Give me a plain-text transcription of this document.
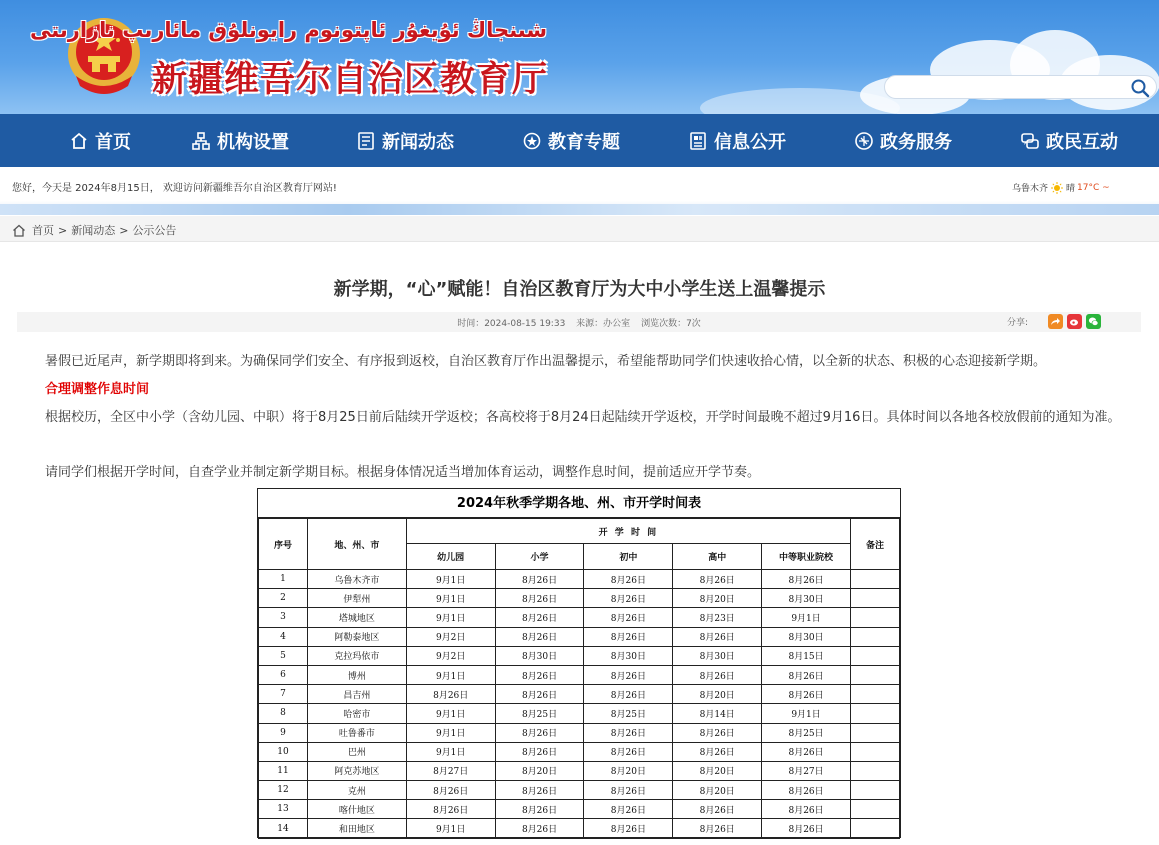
شىنجاڭ ئۇيغۇر ئاپتونوم رايونلۇق مائارىپ نازارىتى
新疆维吾尔自治区教育厅
首页	机构设置	新闻动态	教育专题	信息公开	政务服务	政民互动
您好，今天是 2024年8月15日， 欢迎访问新疆维吾尔自治区教育厅网站!	乌鲁木齐 晴 17°C ~
首页 > 新闻动态 > 公示公告
新学期，“心”赋能！自治区教育厅为大中小学生送上温馨提示
时间：2024-08-15 19:33 来源：办公室 浏览次数：7次	分享:
暑假已近尾声，新学期即将到来。为确保同学们安全、有序报到返校，自治区教育厅作出温馨提示，希望能帮助同学们快速收拾心情，以全新的状态、积极的心态迎接新学期。
合理调整作息时间
根据校历，全区中小学（含幼儿园、中职）将于8月25日前后陆续开学返校；各高校将于8月24日起陆续开学返校，开学时间最晚不超过9月16日。具体时间以各地各校放假前的通知为准。
请同学们根据开学时间，自查学业并制定新学期目标。根据身体情况适当增加体育运动，调整作息时间，提前适应开学节奏。
2024年秋季学期各地、州、市开学时间表
序号	地、州、市	开 学 时 间					备注
		幼儿园	小学	初中	高中	中等职业院校	
1	乌鲁木齐市	9月1日	8月26日	8月26日	8月26日	8月26日	
2	伊犁州	9月1日	8月26日	8月26日	8月20日	8月30日	
3	塔城地区	9月1日	8月26日	8月26日	8月23日	9月1日	
4	阿勒泰地区	9月2日	8月26日	8月26日	8月26日	8月30日	
5	克拉玛依市	9月2日	8月30日	8月30日	8月30日	8月15日	
6	博州	9月1日	8月26日	8月26日	8月26日	8月26日	
7	昌吉州	8月26日	8月26日	8月26日	8月20日	8月26日	
8	哈密市	9月1日	8月25日	8月25日	8月14日	9月1日	
9	吐鲁番市	9月1日	8月26日	8月26日	8月26日	8月25日	
10	巴州	9月1日	8月26日	8月26日	8月26日	8月26日	
11	阿克苏地区	8月27日	8月20日	8月20日	8月20日	8月27日	
12	克州	8月26日	8月26日	8月26日	8月20日	8月26日	
13	喀什地区	8月26日	8月26日	8月26日	8月26日	8月26日	
14	和田地区	9月1日	8月26日	8月26日	8月26日	8月26日	
